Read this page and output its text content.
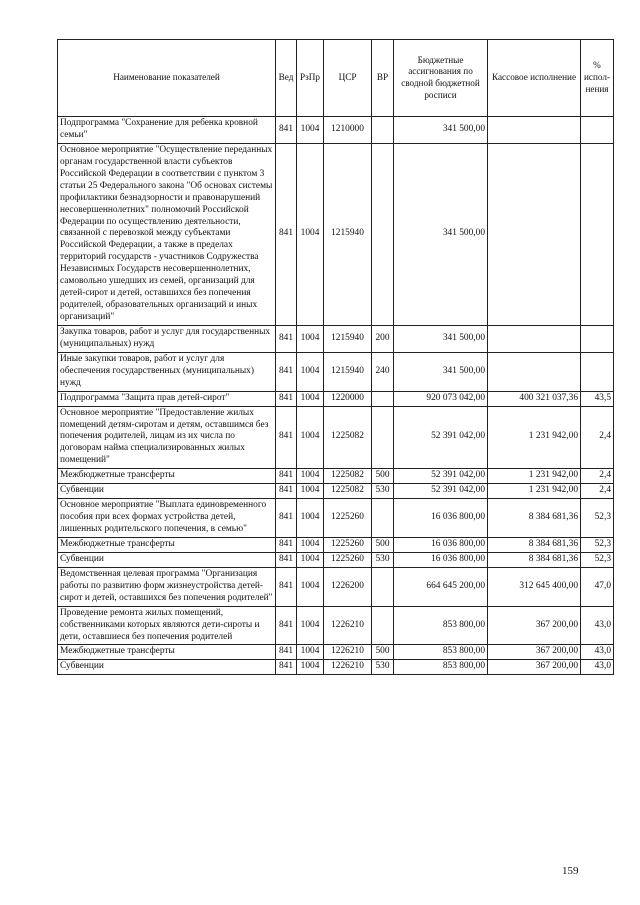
Наименование показателей	Вед	РзПр	ЦСР	ВР	Бюджетные ассигнования по сводной бюджетной росписи	Кассовое исполнение	% испол-нения
Подпрограмма "Сохранение для ребенка кровной семьи"	841	1004	1210000		341 500,00		
Основное мероприятие "Осуществление переданных органам государственной власти субъектов Российской Федерации в соответствии с пунктом 3 статьи 25 Федерального закона "Об основах системы профилактики безнадзорности и правонарушений несовершеннолетних" полномочий Российской Федерации по осуществлению деятельности, связанной с перевозкой между субъектами Российской Федерации, а также в пределах территорий государств - участников Содружества Независимых Государств несовершеннолетних, самовольно ушедших из семей, организаций для детей-сирот и детей, оставшихся без попечения родителей, образовательных организаций и иных организаций"	841	1004	1215940		341 500,00		
Закупка товаров, работ и услуг для государственных (муниципальных) нужд	841	1004	1215940	200	341 500,00		
Иные закупки товаров, работ и услуг для обеспечения государственных (муниципальных) нужд	841	1004	1215940	240	341 500,00		
Подпрограмма "Защита прав детей-сирот"	841	1004	1220000		920 073 042,00	400 321 037,36	43,5
Основное мероприятие "Предоставление жилых помещений детям-сиротам и детям, оставшимся без попечения родителей, лицам из их числа по договорам найма специализированных жилых помещений"	841	1004	1225082		52 391 042,00	1 231 942,00	2,4
Межбюджетные трансферты	841	1004	1225082	500	52 391 042,00	1 231 942,00	2,4
Субвенции	841	1004	1225082	530	52 391 042,00	1 231 942,00	2,4
Основное мероприятие "Выплата единовременного пособия при всех формах устройства детей, лишенных родительского попечения, в семью"	841	1004	1225260		16 036 800,00	8 384 681,36	52,3
Межбюджетные трансферты	841	1004	1225260	500	16 036 800,00	8 384 681,36	52,3
Субвенции	841	1004	1225260	530	16 036 800,00	8 384 681,36	52,3
Ведомственная целевая программа "Организация работы по развитию форм жизнеустройства детей-сирот и детей, оставшихся без попечения родителей"	841	1004	1226200		664 645 200,00	312 645 400,00	47,0
Проведение ремонта жилых помещений, собственниками которых являются дети-сироты и дети, оставшиеся без попечения родителей	841	1004	1226210		853 800,00	367 200,00	43,0
Межбюджетные трансферты	841	1004	1226210	500	853 800,00	367 200,00	43,0
Субвенции	841	1004	1226210	530	853 800,00	367 200,00	43,0
159
